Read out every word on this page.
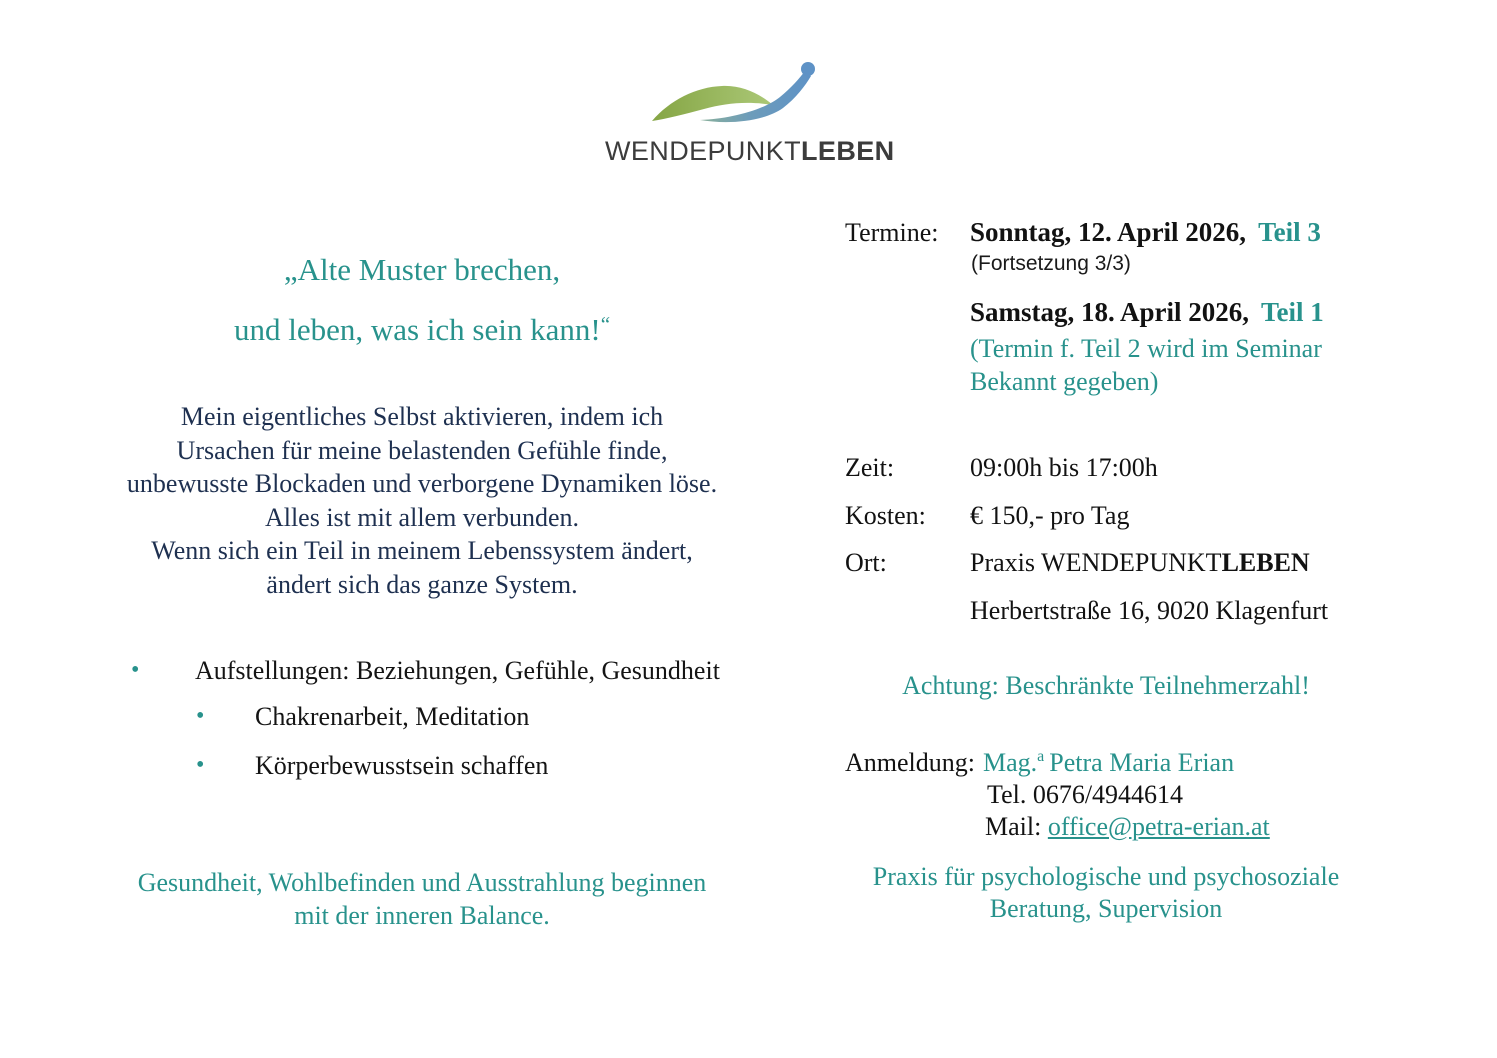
WENDEPUNKTLEBEN
„Alte Muster brechen,
und leben, was ich sein kann!“
Mein eigentliches Selbst aktivieren, indem ich
Ursachen für meine belastenden Gefühle finde,
unbewusste Blockaden und verborgene Dynamiken löse.
Alles ist mit allem verbunden.
Wenn sich ein Teil in meinem Lebenssystem ändert,
ändert sich das ganze System.
• Aufstellungen: Beziehungen, Gefühle, Gesundheit
• Chakrenarbeit, Meditation
• Körperbewusstsein schaffen
Gesundheit, Wohlbefinden und Ausstrahlung beginnen
mit der inneren Balance.
Termine: Sonntag, 12. April 2026, Teil 3
(Fortsetzung 3/3)
Samstag, 18. April 2026, Teil 1
(Termin f. Teil 2 wird im Seminar
Bekannt gegeben)
Zeit:	09:00h bis 17:00h
Kosten: € 150,- pro Tag
Ort:	Praxis WENDEPUNKTLEBEN
Herbertstraße 16, 9020 Klagenfurt
Achtung: Beschränkte Teilnehmerzahl!
Anmeldung: Mag.$^a$ Petra Maria Erian
Tel. 0676/4944614
Mail: office@petra-erian.at
Praxis für psychologische und psychosoziale
Beratung, Supervision
